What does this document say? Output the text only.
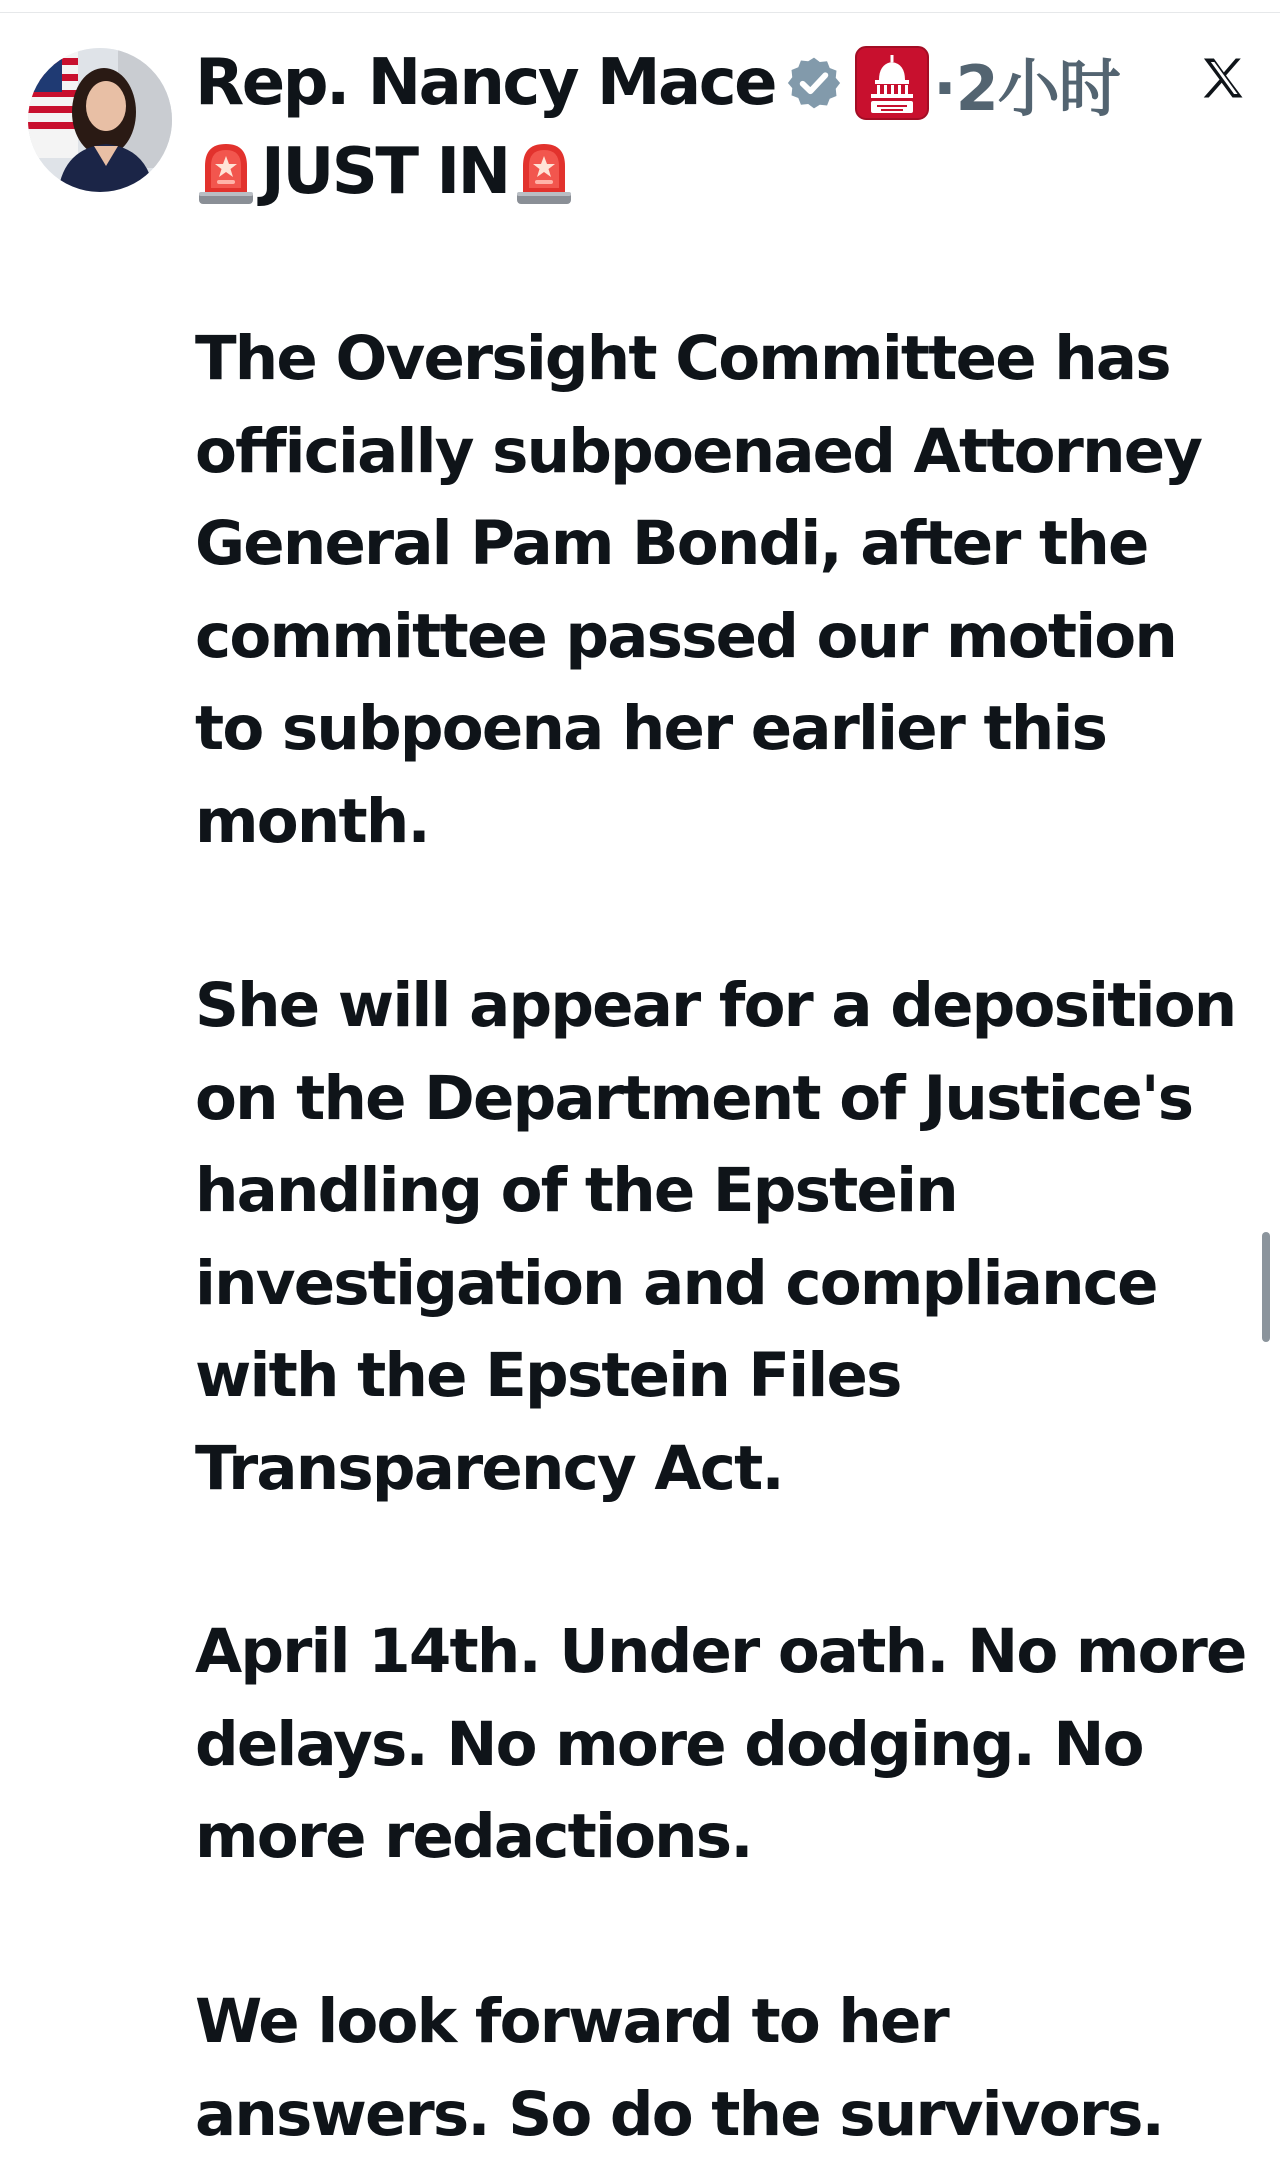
Rep. Nancy Mace	·2小时
JUST IN

The Oversight Committee has
officially subpoenaed Attorney
General Pam Bondi, after the
committee passed our motion
to subpoena her earlier this
month.

She will appear for a deposition
on the Department of Justice's
handling of the Epstein
investigation and compliance
with the Epstein Files
Transparency Act.

April 14th. Under oath. No more
delays. No more dodging. No
more redactions.

We look forward to her
answers. So do the survivors.
